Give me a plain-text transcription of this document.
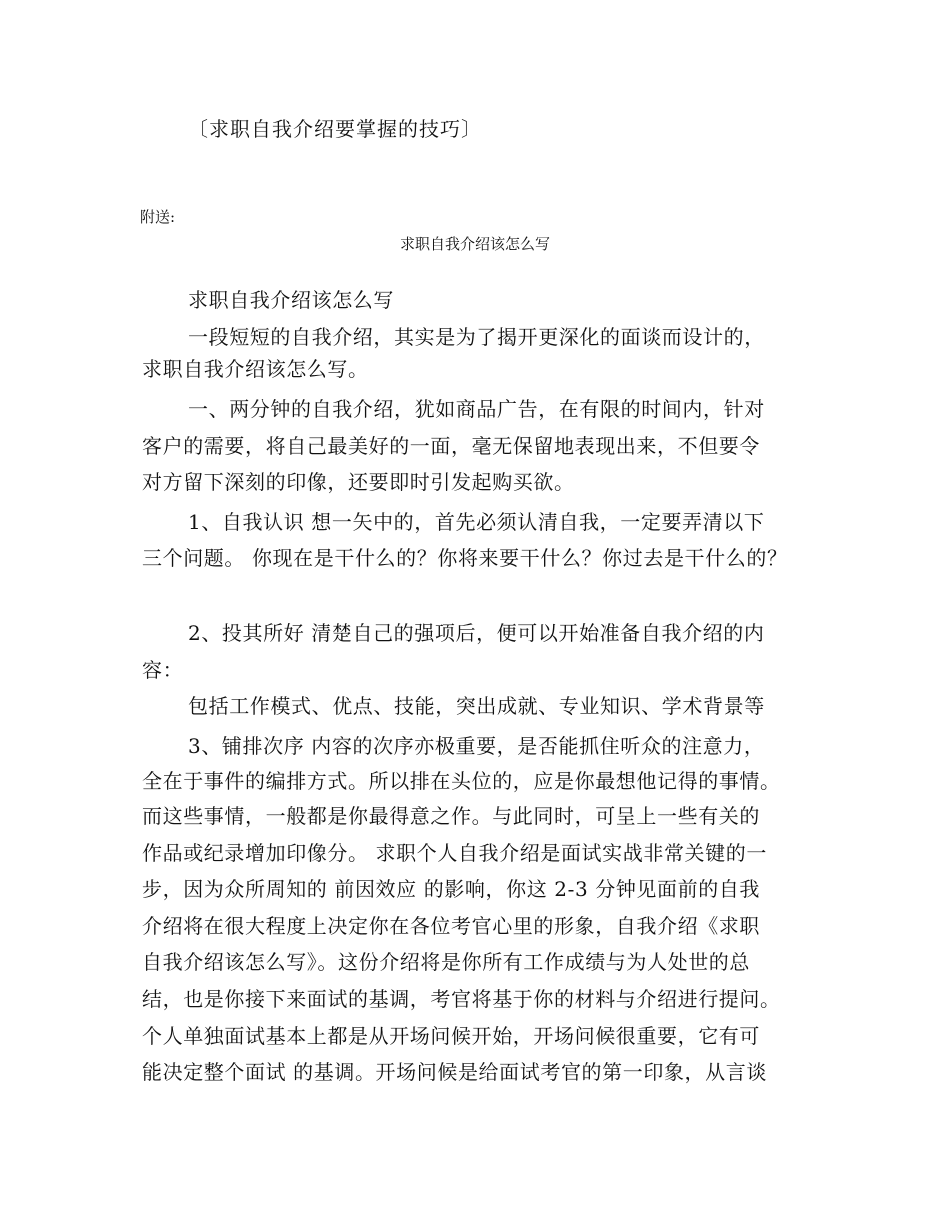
〔求职自我介绍要掌握的技巧〕

附送:

求职自我介绍该怎么写

求职自我介绍该怎么写

一段短短的自我介绍，其实是为了揭开更深化的面谈而设计的，

求职自我介绍该怎么写。

一、两分钟的自我介绍，犹如商品广告，在有限的时间内，针对

客户的需要，将自己最美好的一面，毫无保留地表现出来，不但要令

对方留下深刻的印像，还要即时引发起购买欲。

1、自我认识 想一矢中的，首先必须认清自我，一定要弄清以下

三个问题。 你现在是干什么的？你将来要干什么？你过去是干什么的？

2、投其所好 清楚自己的强项后，便可以开始准备自我介绍的内

容：

包括工作模式、优点、技能，突出成就、专业知识、学术背景等

3、铺排次序 内容的次序亦极重要，是否能抓住听众的注意力，

全在于事件的编排方式。所以排在头位的，应是你最想他记得的事情。

而这些事情，一般都是你最得意之作。与此同时，可呈上一些有关的

作品或纪录增加印像分。 求职个人自我介绍是面试实战非常关键的一

步，因为众所周知的 前因效应 的影响，你这 2-3 分钟见面前的自我

介绍将在很大程度上决定你在各位考官心里的形象，自我介绍《求职

自我介绍该怎么写》。这份介绍将是你所有工作成绩与为人处世的总

结，也是你接下来面试的基调，考官将基于你的材料与介绍进行提问。

个人单独面试基本上都是从开场问候开始，开场问候很重要，它有可

能决定整个面试 的基调。开场问候是给面试考官的第一印象，从言谈
